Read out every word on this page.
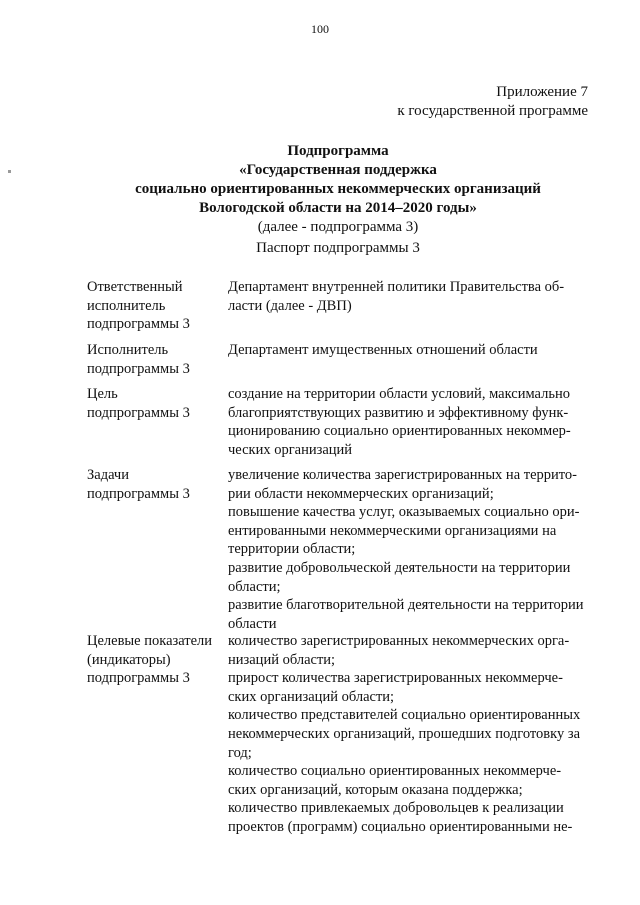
100
Приложение 7
к государственной программе
Подпрограмма
«Государственная поддержка
социально ориентированных некоммерческих организаций
Вологодской области на 2014–2020 годы»
(далее - подпрограмма 3)
Паспорт подпрограммы 3
Ответственный
исполнитель
подпрограммы 3
Департамент внутренней политики Правительства об-
ласти (далее - ДВП)
Исполнитель
подпрограммы 3
Департамент имущественных отношений области
Цель
подпрограммы 3
создание на территории области условий, максимально
благоприятствующих развитию и эффективному функ-
ционированию социально ориентированных некоммер-
ческих организаций
Задачи
подпрограммы 3
увеличение количества зарегистрированных на террито-
рии области некоммерческих организаций;
повышение качества услуг, оказываемых социально ори-
ентированными некоммерческими организациями на
территории области;
развитие добровольческой деятельности на территории
области;
развитие благотворительной деятельности на территории
области
Целевые показатели
(индикаторы)
подпрограммы 3
количество зарегистрированных некоммерческих орга-
низаций области;
прирост количества зарегистрированных некоммерче-
ских организаций области;
количество представителей социально ориентированных
некоммерческих организаций, прошедших подготовку за
год;
количество социально ориентированных некоммерче-
ских организаций, которым оказана поддержка;
количество привлекаемых добровольцев к реализации
проектов (программ) социально ориентированными не-
